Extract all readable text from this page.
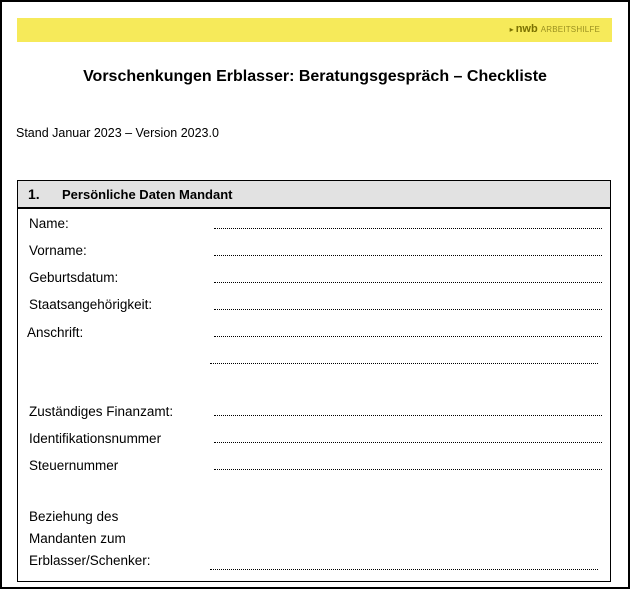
▸ nwb ARBEITSHILFE
Vorschenkungen Erblasser: Beratungsgespräch – Checkliste
Stand Januar 2023 – Version 2023.0
1.	Persönliche Daten Mandant
Name:
Vorname:
Geburtsdatum:
Staatsangehörigkeit:
Anschrift:
Zuständiges Finanzamt:
Identifikationsnummer
Steuernummer
Beziehung des
Mandanten zum
Erblasser/Schenker:
